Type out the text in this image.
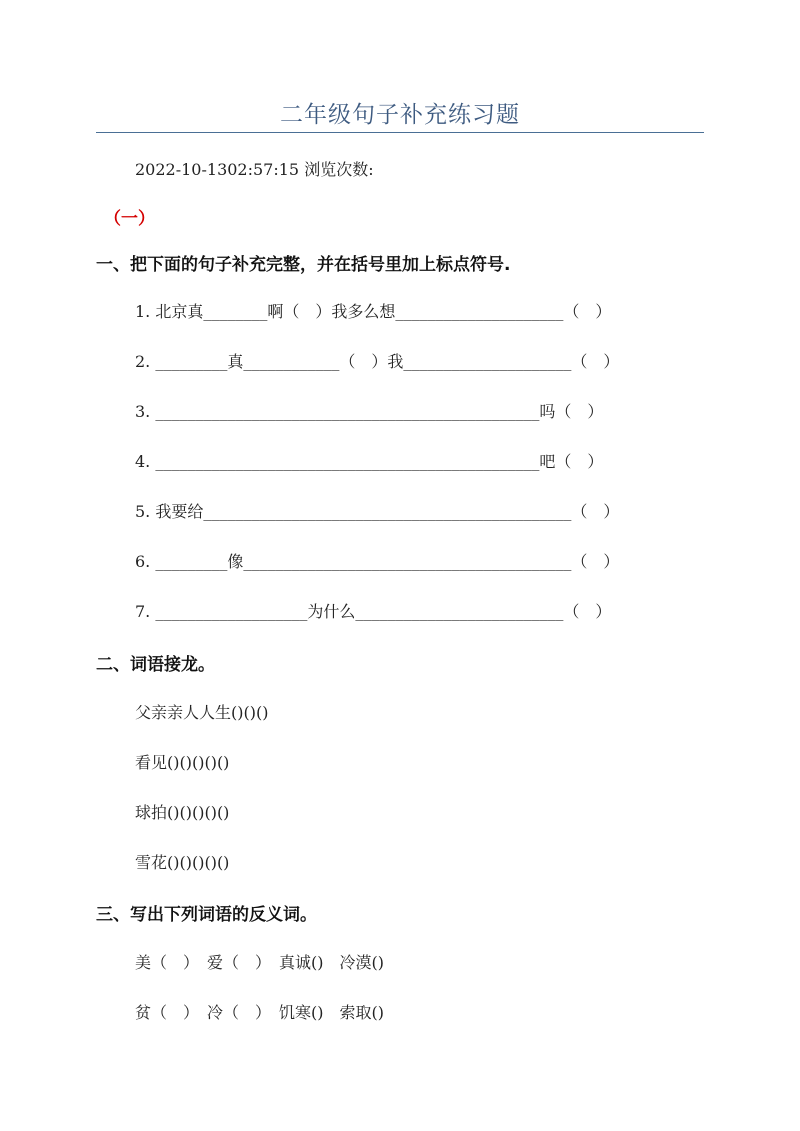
二年级句子补充练习题
2022-10-1302:57:15 浏览次数:
（一）
一、把下面的句子补充完整，并在括号里加上标点符号.
1. 北京真________啊（　）我多么想_____________________（　）
2. _________真____________（　）我_____________________（　）
3. ________________________________________________吗（　）
4. ________________________________________________吧（　）
5. 我要给______________________________________________（　）
6. _________像_________________________________________（　）
7. ___________________为什么__________________________（　）
二、词语接龙。
父亲亲人人生()()()
看见()()()()()
球拍()()()()()
雪花()()()()()
三、写出下列词语的反义词。
美（　）　爱（　）　真诚()　冷漠()
贫（　）　冷（　）　饥寒()　索取()
